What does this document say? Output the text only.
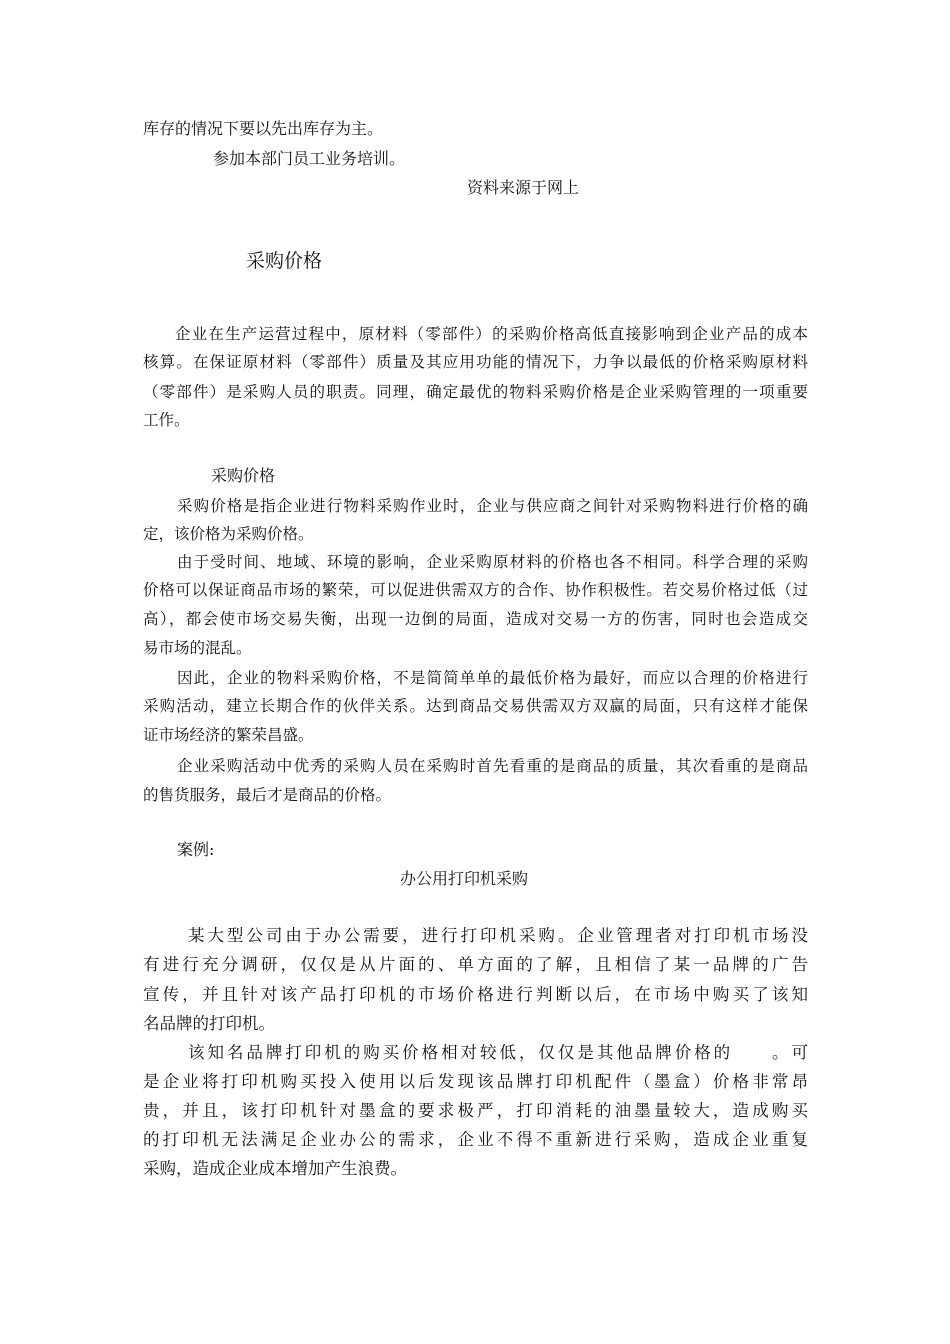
库存的情况下要以先出库存为主。
参加本部门员工业务培训。
资料来源于网上
采购价格
企业在生产运营过程中，原材料（零部件）的采购价格高低直接影响到企业产品的成本
核算。在保证原材料（零部件）质量及其应用功能的情况下，力争以最低的价格采购原材料
（零部件）是采购人员的职责。同理，确定最优的物料采购价格是企业采购管理的一项重要
工作。
采购价格
采购价格是指企业进行物料采购作业时，企业与供应商之间针对采购物料进行价格的确
定，该价格为采购价格。
由于受时间、地域、环境的影响，企业采购原材料的价格也各不相同。科学合理的采购
价格可以保证商品市场的繁荣，可以促进供需双方的合作、协作积极性。若交易价格过低（过
高），都会使市场交易失衡，出现一边倒的局面，造成对交易一方的伤害，同时也会造成交
易市场的混乱。
因此，企业的物料采购价格，不是简简单单的最低价格为最好，而应以合理的价格进行
采购活动，建立长期合作的伙伴关系。达到商品交易供需双方双赢的局面，只有这样才能保
证市场经济的繁荣昌盛。
企业采购活动中优秀的采购人员在采购时首先看重的是商品的质量，其次看重的是商品
的售货服务，最后才是商品的价格。
案例:
办公用打印机采购
某大型公司由于办公需要，进行打印机采购。企业管理者对打印机市场没
有进行充分调研，仅仅是从片面的、单方面的了解，且相信了某一品牌的广告
宣传，并且针对该产品打印机的市场价格进行判断以后，在市场中购买了该知
名品牌的打印机。
该知名品牌打印机的购买价格相对较低，仅仅是其他品牌价格的　　。可
是企业将打印机购买投入使用以后发现该品牌打印机配件（墨盒）价格非常昂
贵，并且，该打印机针对墨盒的要求极严，打印消耗的油墨量较大，造成购买
的打印机无法满足企业办公的需求，企业不得不重新进行采购，造成企业重复
采购，造成企业成本增加产生浪费。
